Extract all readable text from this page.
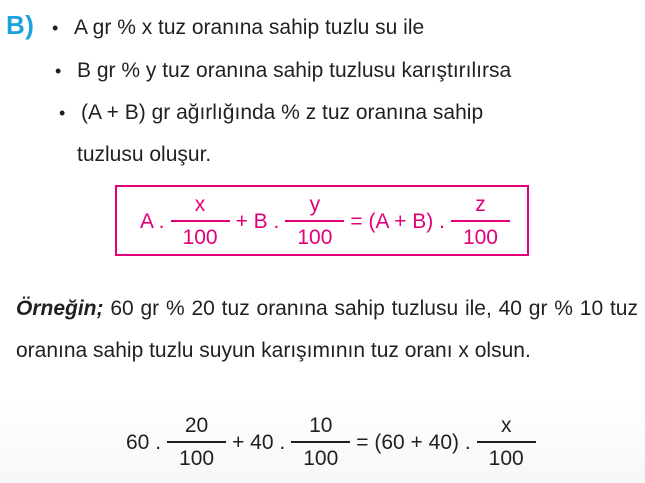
B) • A gr % x tuz oranına sahip tuzlu su ile
• B gr % y tuz oranına sahip tuzlusu karıştırılırsa
• (A + B) gr ağırlığında % z tuz oranına sahip
tuzlusu oluşur.
A . $\frac{x}{100} + B$ . $\frac{y}{100} = (A + B)$ . $\frac{z}{100}$
Örneğin; 60 gr % 20 tuz oranına sahip tuzlusu ile, 40 gr % 10 tuz oranına sahip tuzlu suyun karışımının tuz oranı x olsun.
60 . $\frac{20}{100} + 40$ . $\frac{10}{100} = (60 + 40)$ . $\frac{x}{100}$
